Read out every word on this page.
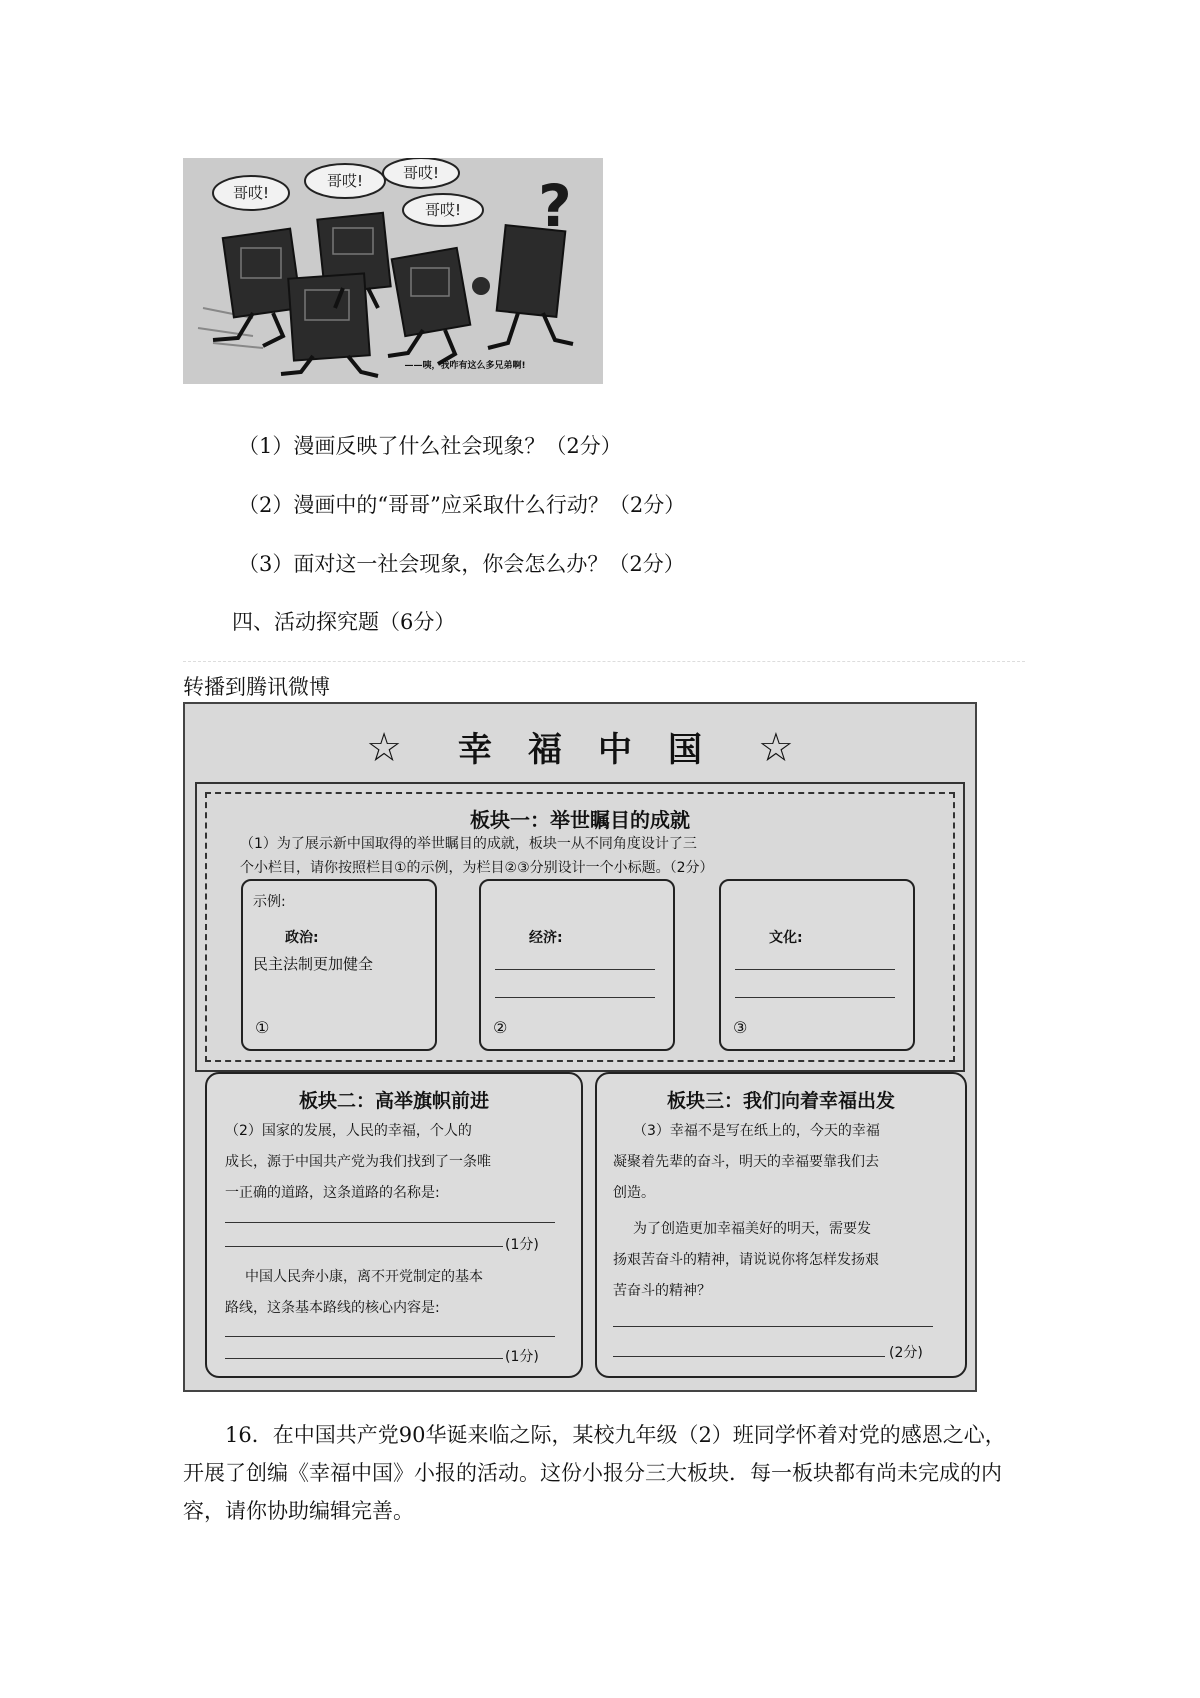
哥哎!
哥哎!	哥哎!
哥哎! ?
——咦，我咋有这么多兄弟啊!
（1）漫画反映了什么社会现象？（2分）
（2）漫画中的“哥哥”应采取什么行动？（2分）
（3）面对这一社会现象，你会怎么办？（2分）
四、活动探究题（6分）
转播到腾讯微博
☆ 幸福中国 ☆
板块一：举世瞩目的成就
（1）为了展示新中国取得的举世瞩目的成就，板块一从不同角度设计了三
个小栏目，请你按照栏目①的示例，为栏目②③分别设计一个小标题。（2分）
示例:
政治:
民主法制更加健全
①
经济:
②
文化:
③
板块二：高举旗帜前进
（2）国家的发展，人民的幸福，个人的
成长，源于中国共产党为我们找到了一条唯
一正确的道路，这条道路的名称是:
(1分)
中国人民奔小康，离不开党制定的基本
路线，这条基本路线的核心内容是:
(1分)
板块三：我们向着幸福出发
（3）幸福不是写在纸上的，今天的幸福
凝聚着先辈的奋斗，明天的幸福要靠我们去
创造。
为了创造更加幸福美好的明天，需要发
扬艰苦奋斗的精神，请说说你将怎样发扬艰
苦奋斗的精神？
(2分)
16．在中国共产党90华诞来临之际，某校九年级（2）班同学怀着对党的感恩之心，开展了创编《幸福中国》小报的活动。这份小报分三大板块．每一板块都有尚未完成的内容，请你协助编辑完善。
